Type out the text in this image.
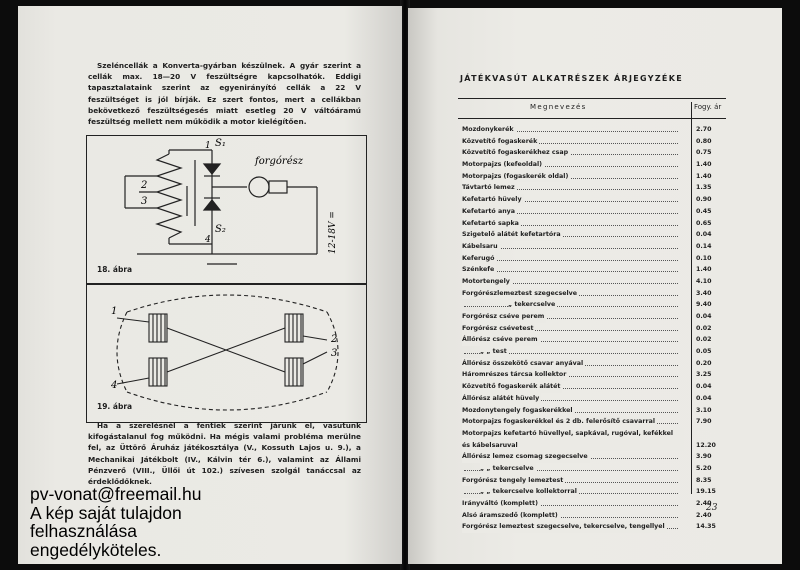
Szeléncellák a Konverta-gyárban készülnek. A gyár szerint a cellák max. 18—20 V feszültségre kapcsolhatók. Eddigi tapasztalataink szerint az egyenirányító cellák a 22 V feszültséget is jól bírják. Ez szert fontos, mert a cellákban bekövetkező feszültségesés miatt esetleg 20 V váltóáramú feszültség mellett nem működik a motor kielégítően.
S₁
S₂
1
2
3
4
forgórész
12-18V =
18. ábra
1
2
3
4
19. ábra
Ha a szerelésnél a fentiek szerint járunk el, vasutunk kifogástalanul fog működni. Ha mégis valami probléma merülne fel, az Üttörő Áruház játékosztálya (V., Kossuth Lajos u. 9.), a Mechanikai Játékbolt (IV., Kálvin tér 6.), valamint az Állami Pénzverő (VIII., Üllői út 102.) szívesen szolgál tanáccsal az érdeklődőknek.
pv-vonat@freemail.hu
A kép saját tulajdon
felhasználása
engedélyköteles.
JÁTÉKVASÚT ALKATRÉSZEK ÁRJEGYZÉKE
Megnevezés	Fogy. ár
Mozdonykerék	2.70
Közvetítő fogaskerék	0.80
Közvetítő fogaskerékhez csap	0.75
Motorpajzs (kefeoldal)	1.40
Motorpajzs (fogaskerék oldal)	1.40
Távtartó lemez	1.35
Kefetartó hüvely	0.90
Kefetartó anya	0.45
Kefetartó sapka	0.65
Szigetelő alátét kefetartóra	0.04
Kábelsaru	0.14
Keferugó	0.10
Szénkefe	1.40
Motortengely	4.10
Forgórészlemeztest szegecselve	3.40
„ tekercselve	9.40
Forgórész cséve perem	0.04
Forgórész csévetest	0.02
Állórész cséve perem	0.02
„ „ test	0.05
Állórész összekötő csavar anyával	0.20
Háromrészes tárcsa kollektor	3.25
Közvetítő fogaskerék alátét	0.04
Állórész alátét hüvely	0.04
Mozdonytengely fogaskerékkel	3.10
Motorpajzs fogaskerékkel és 2 db. felerősítő csavarral	7.90
Motorpajzs kefetartó hüvellyel, sapkával, rugóval, kefékkel és kábelsaruval	12.20
Állórész lemez csomag szegecselve	3.90
„ „ tekercselve	5.20
Forgórész tengely lemeztest	8.35
„ „ tekercselve kollektorral	19.15
Irányváltó (komplett)	2.40
Alsó áramszedő (komplett)	2.40
Forgórész lemeztest szegecselve, tekercselve, tengellyel	14.35
23
